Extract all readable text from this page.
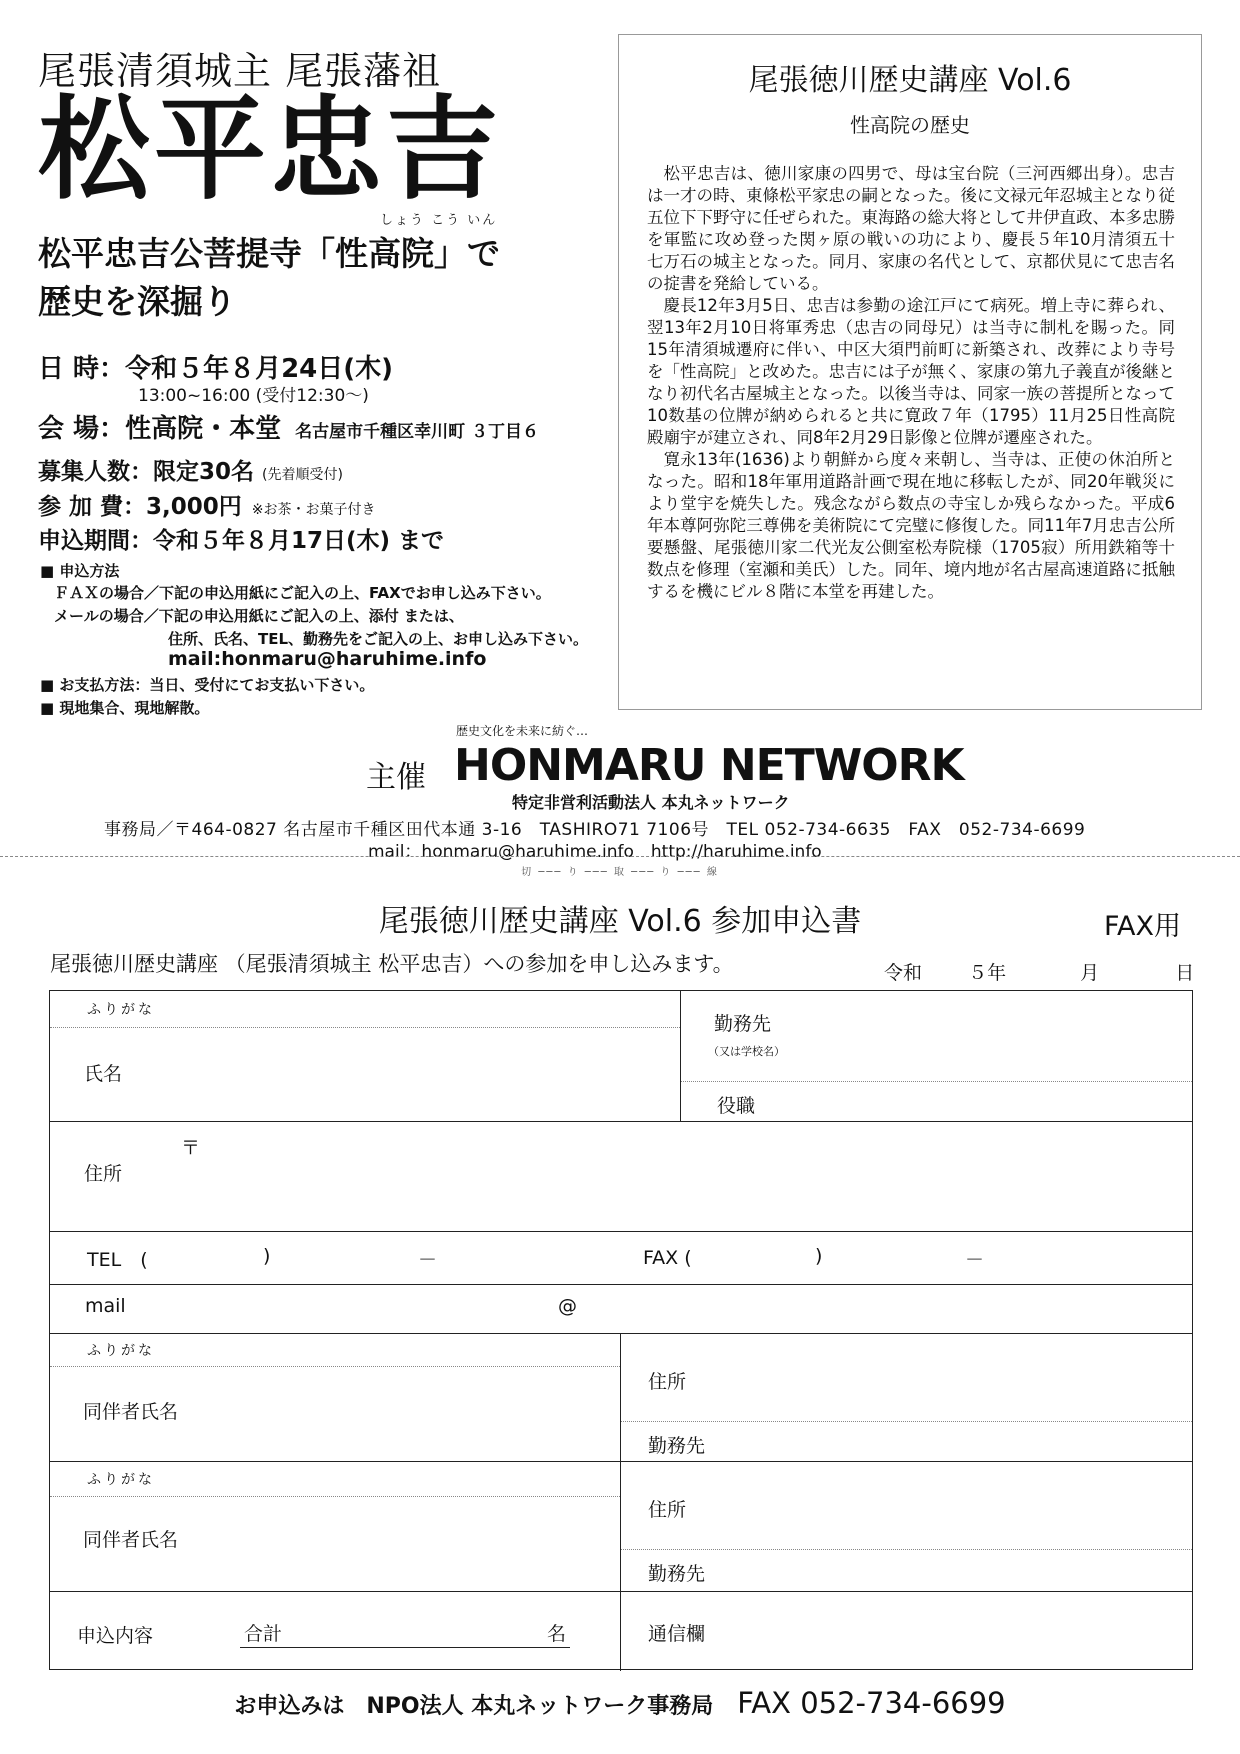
尾張清須城主 尾張藩祖
松平忠吉
しょう こう いん
松平忠吉公菩提寺「性高院」で
歴史を深掘り
日 時：令和５年８月24日(木)
13:00~16:00 (受付12:30～)
会 場：性高院・本堂 名古屋市千種区幸川町 ３丁目６
募集人数：限定30名 (先着順受付)
参 加 費：3,000円 ※お茶・お菓子付き
申込期間：令和５年８月17日(木) まで
■ 申込方法
ＦＡＸの場合／下記の申込用紙にご記入の上、FAXでお申し込み下さい。
メールの場合／下記の申込用紙にご記入の上、添付 または、
住所、氏名、TEL、勤務先をご記入の上、お申し込み下さい。
mail:honmaru@haruhime.info
■ お支払方法：当日、受付にてお支払い下さい。
■ 現地集合、現地解散。
尾張徳川歴史講座 Vol.6
性高院の歴史

松平忠吉は、徳川家康の四男で、母は宝台院（三河西郷出身）。忠吉は一才の時、東條松平家忠の嗣となった。後に文禄元年忍城主となり従五位下下野守に任ぜられた。東海路の総大将として井伊直政、本多忠勝を軍監に攻め登った関ヶ原の戦いの功により、慶長５年10月清須五十七万石の城主となった。同月、家康の名代として、京都伏見にて忠吉名の掟書を発給している。

慶長12年3月5日、忠吉は参勤の途江戸にて病死。増上寺に葬られ、翌13年2月10日将軍秀忠（忠吉の同母兄）は当寺に制札を賜った。同15年清須城遷府に伴い、中区大須門前町に新築され、改葬により寺号を「性高院」と改めた。忠吉には子が無く、家康の第九子義直が後継となり初代名古屋城主となった。以後当寺は、同家一族の菩提所となって10数基の位牌が納められると共に寛政７年（1795）11月25日性高院殿廟宇が建立され、同8年2月29日影像と位牌が遷座された。

寛永13年(1636)より朝鮮から度々来朝し、当寺は、正使の休泊所となった。昭和18年軍用道路計画で現在地に移転したが、同20年戦災により堂宇を焼失した。残念ながら数点の寺宝しか残らなかった。平成6年本尊阿弥陀三尊佛を美術院にて完璧に修復した。同11年7月忠吉公所要懸盤、尾張徳川家二代光友公側室松寿院様（1705寂）所用鉄箱等十数点を修理（室瀬和美氏）した。同年、境内地が名古屋高速道路に抵触するを機にビル８階に本堂を再建した。

歴史文化を未来に紡ぐ…
主催 HONMARU NETWORK
特定非営利活動法人 本丸ネットワーク
事務局／〒464-0827 名古屋市千種区田代本通 3-16　TASHIRO71 7106号　TEL 052-734-6635　FAX　052-734-6699
mail：honmaru@haruhime.info　http://haruhime.info
切 ─── り ─── 取 ─── り ─── 線
尾張徳川歴史講座 Vol.6 参加申込書	FAX用
尾張徳川歴史講座 （尾張清須城主 松平忠吉）への参加を申し込みます。	令和 ５年	月	日
ふりがな
氏名
勤務先
（又は学校名）
役職
〒
住所
TEL　(	)	－	FAX (	)	－
mail	@
ふりがな
同伴者氏名
住所
勤務先
ふりがな
同伴者氏名
住所
勤務先
申込内容	合計	名	通信欄
お申込みは　NPO法人 本丸ネットワーク事務局 FAX 052-734-6699
